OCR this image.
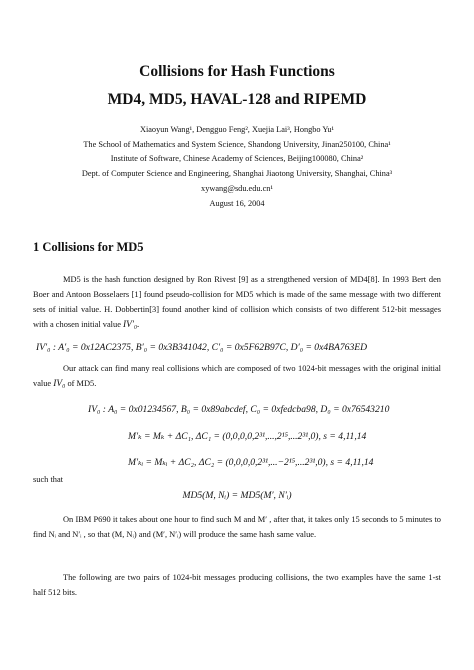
Collisions for Hash Functions
MD4, MD5, HAVAL-128 and RIPEMD
Xiaoyun Wang¹, Dengguo Feng², Xuejia Lai³, Hongbo Yu¹
The School of Mathematics and System Science, Shandong University, Jinan250100, China¹
Institute of Software, Chinese Academy of Sciences, Beijing100080, China²
Dept. of Computer Science and Engineering, Shanghai Jiaotong University, Shanghai, China³
xywang@sdu.edu.cn¹
August 16, 2004
1 Collisions for MD5
MD5 is the hash function designed by Ron Rivest [9] as a strengthened version of MD4[8]. In 1993 Bert den Boer and Antoon Bosselaers [1] found pseudo-collision for MD5 which is made of the same message with two different sets of initial value. H. Dobbertin[3] found another kind of collision which consists of two different 512-bit messages with a chosen initial value IV′₀.
IV′₀ : A′₀ = 0x12AC2375, B′₀ = 0x3B341042, C′₀ = 0x5F62B97C, D′₀ = 0x4BA763ED
Our attack can find many real collisions which are composed of two 1024-bit messages with the original initial value IV₀ of MD5.
IV₀ : A₀ = 0x01234567, B₀ = 0x89abcdef, C₀ = 0xfedcba98, D₀ = 0x76543210
M′ₖ = Mₖ + ΔC₁, ΔC₁ = (0,0,0,0,2³¹,...,2¹⁵,...2³¹,0), s = 4,11,14
M′ₖᵢ = Mₖᵢ + ΔC₂, ΔC₂ = (0,0,0,0,2³¹,...−2¹⁵,...2³¹,0), s = 4,11,14
such that
MD5(M, Nᵢ) = MD5(M′, N′ᵢ)
On IBM P690 it takes about one hour to find such M and M′ , after that, it takes only 15 seconds to 5 minutes to find Nᵢ and N′ᵢ , so that (M, Nᵢ) and (M′, N′ᵢ) will produce the same hash same value.
The following are two pairs of 1024-bit messages producing collisions, the two examples have the same 1-st half 512 bits.
